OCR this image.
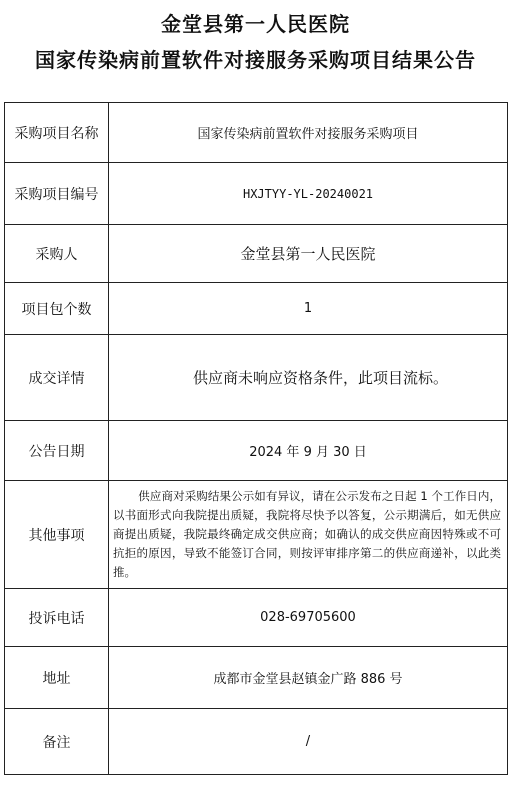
金堂县第一人民医院
国家传染病前置软件对接服务采购项目结果公告
采购项目名称	国家传染病前置软件对接服务采购项目
采购项目编号	HXJTYY-YL-20240021
采购人	金堂县第一人民医院
项目包个数	1
成交详情	供应商未响应资格条件，此项目流标。
公告日期	2024 年 9 月 30 日
其他事项	供应商对采购结果公示如有异议，请在公示发布之日起 1 个工作日内，以书面形式向我院提出质疑，我院将尽快予以答复，公示期满后，如无供应商提出质疑，我院最终确定成交供应商；如确认的成交供应商因特殊或不可抗拒的原因，导致不能签订合同，则按评审排序第二的供应商递补，以此类推。
投诉电话	028-69705600
地址	成都市金堂县赵镇金广路 886 号
备注	/
